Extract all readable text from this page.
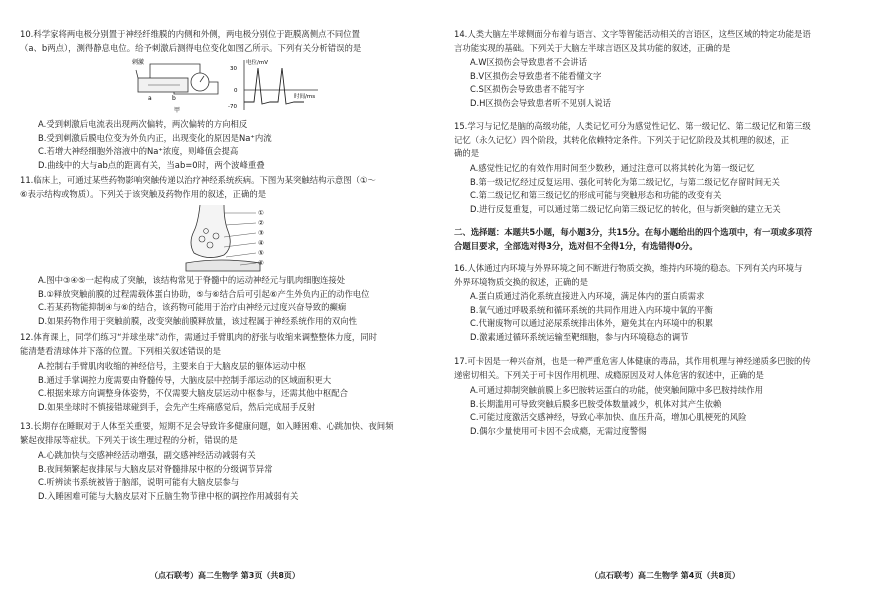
10.科学家将两电极分别置于神经纤维膜的内侧和外侧，两电极分别位于距膜离侧点不同位置
（a、b两点），测得静息电位。给予刺激后测得电位变化如图乙所示。下列有关分析错误的是
刺激
a	b
甲
电位/mV
30
0
-70
时间/ms
A.受到刺激后电流表出现两次偏转，两次偏转的方向相反
B.受到刺激后膜电位变为外负内正，出现变化的原因是Na⁺内流
C.若增大神经细胞外溶液中的Na⁺浓度，则峰值会提高
D.曲线中的大与ab点的距离有关，当ab=0时，两个波峰重叠
11.临床上，可通过某些药物影响突触传递以治疗神经系统疾病。下图为某突触结构示意图（①～
⑥表示结构或物质）。下列关于该突触及药物作用的叙述，正确的是
①
②
③
④
⑤
⑥
A.图中③④⑤一起构成了突触，该结构常见于脊髓中的运动神经元与肌肉细胞连接处
B.①释放突触前膜的过程需载体蛋白协助，⑤与⑥结合后可引起⑥产生外负内正的动作电位
C.若某药物能抑制④与⑥的结合，该药物可能用于治疗由神经元过度兴奋导致的癫痫
D.如果药物作用于突触前膜，改变突触前膜释放量，该过程属于神经系统作用的双向性
12.体育课上，同学们练习“并球坐球”动作，需通过手臂肌肉的舒张与收缩来调整整体力度，同时
能清楚看清球体并下落的位置。下列相关叙述错误的是
A.控制右手臂肌肉收缩的神经信号，主要来自于大脑皮层的躯体运动中枢
B.通过手掌调控力度需要由脊髓传导，大脑皮层中控制手部运动的区域面积更大
C.根据来球方向调整身体姿势，不仅需要大脑皮层运动中枢参与，还需其他中枢配合
D.如果坐球时不慎接错球碰到手，会先产生疼痛感觉后，然后完成屈手反射
13.长期存在睡眠对于人体至关重要，短期不足会导致许多健康问题，如入睡困难、心跳加快、夜间频
繁起夜排尿等症状。下列关于该生理过程的分析，错误的是
A.心跳加快与交感神经活动增强，副交感神经活动减弱有关
B.夜间频繁起夜排尿与大脑皮层对脊髓排尿中枢的分级调节异常
C.听辨读书系统被皆于脑部，说明可能有大脑皮层参与
D.入睡困难可能与大脑皮层对下丘脑生物节律中枢的调控作用减弱有关
（点石联考）高二生物学 第3页（共8页）
14.人类大脑左半球侧面分布着与语言、文字等智能活动相关的言语区，这些区域的特定功能是语
言功能实现的基础。下列关于大脑左半球言语区及其功能的叙述，正确的是
A.W区损伤会导致患者不会讲话
B.V区损伤会导致患者不能看懂文字
C.S区损伤会导致患者不能写字
D.H区损伤会导致患者听不见别人说话
15.学习与记忆是脑的高级功能，人类记忆可分为感觉性记忆、第一级记忆、第二级记忆和第三级
记忆（永久记忆）四个阶段，其转化依赖特定条件。下列关于记忆阶段及其机理的叙述，正
确的是
A.感觉性记忆的有效作用时间至少数秒，通过注意可以将其转化为第一级记忆
B.第一级记忆经过反复运用、强化可转化为第二级记忆，与第二级记忆存留时间无关
C.第二级记忆和第三级记忆的形成可能与突触形态和功能的改变有关
D.进行反复重复，可以通过第二级记忆向第三级记忆的转化，但与新突触的建立无关
二、选择题：本题共5小题，每小题3分，共15分。在每小题给出的四个选项中，有一项或多项符
合题目要求，全部选对得3分，选对但不全得1分，有选错得0分。
16.人体通过内环境与外界环境之间不断进行物质交换，维持内环境的稳态。下列有关内环境与
外界环境物质交换的叙述，正确的是
A.蛋白质通过消化系统直接进入内环境，满足体内的蛋白质需求
B.氧气通过呼吸系统和循环系统的共同作用进入内环境中氧的平衡
C.代谢废物可以通过泌尿系统排出体外，避免其在内环境中的积累
D.激素通过循环系统运输至靶细胞，参与内环境稳态的调节
17.可卡因是一种兴奋剂，也是一种严重危害人体健康的毒品，其作用机理与神经递质多巴胺的传
递密切相关。下列关于可卡因作用机理、成瘾原因及对人体危害的叙述中，正确的是
A.可通过抑制突触前膜上多巴胺转运蛋白的功能，使突触间隙中多巴胺持续作用
B.长期滥用可导致突触后膜多巴胺受体数量减少，机体对其产生依赖
C.可能过度激活交感神经，导致心率加快、血压升高，增加心肌梗死的风险
D.偶尔少量使用可卡因不会成瘾，无需过度警惕
（点石联考）高二生物学 第4页（共8页）
